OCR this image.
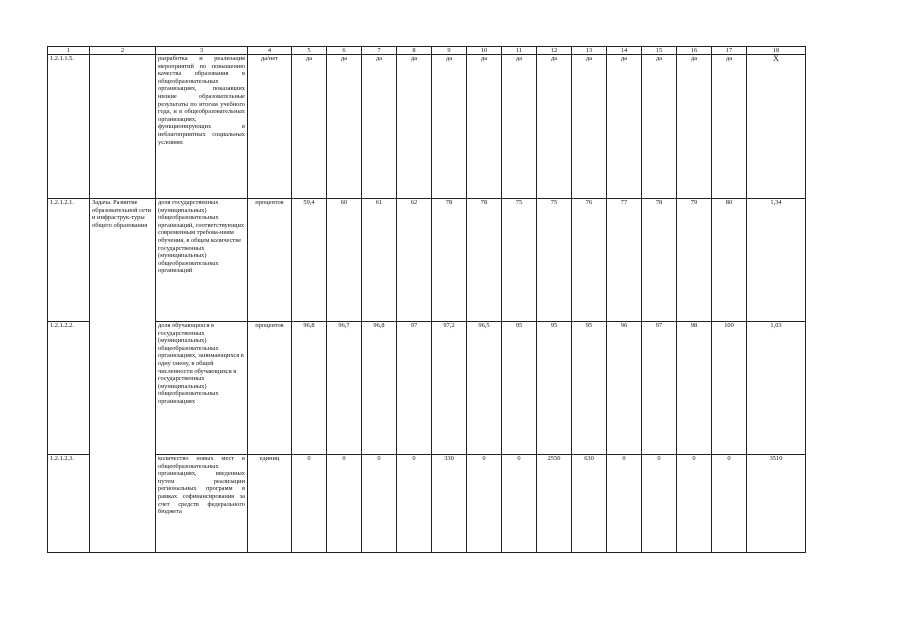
1	2	3	4	5	6	7	8	9	10	11	12	13	14	15	16	17	18
1.2.1.1.5.		разработка и реализация мероприятий по повышению качества образования в общеобразовательных организациях, показавших низкие образовательные результаты по итогам учебного года, и в общеобразовательных организациях, функционирующих в неблагоприятных социальных условиях	да/нет	да	да	да	да	да	да	да	да	да	да	да	да	да	Х
1.2.1.2.1.	Задача. Развитие образовательной сети и инфраструк-туры общего образования	доля государственных (муниципальных) общеобразовательных организаций, соответствующих современным требова-ниям обучения, в общем количестве государственных (муниципальных) общеобразовательных организаций	процентов	59,4	60	61	62	78	78	75	75	76	77	78	79	80	1,34
1.2.1.2.2.		доля обучающихся в государственных (муниципальных) общеобразовательных организациях, занимающихся в одну смену, в общей численности обучающихся в государственных (муниципальных) общеобразовательных организациях	процентов	96,8	96,7	96,8	97	97,2	96,5	95	95	95	96	97	98	100	1,03
1.2.1.2.3.		количество новых мест в общеобразовательных организациях, введенных путем реализации региональных программ в рамках софинансирования за счет средств федерального бюджета	единиц	0	0	0	0	330	0	0	2550	630	0	0	0	0	3510
